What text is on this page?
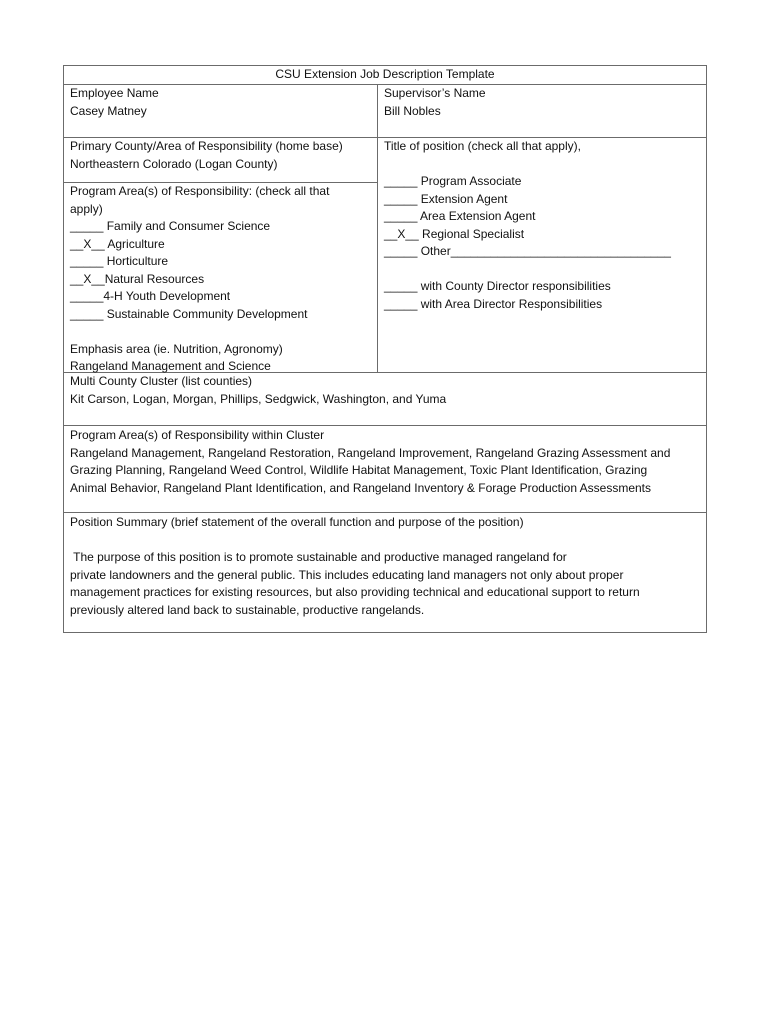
CSU Extension Job Description Template
Employee Name
Casey Matney
Supervisor’s Name
Bill Nobles
Primary County/Area of Responsibility (home base)
Northeastern Colorado (Logan County)
Program Area(s) of Responsibility: (check all that apply)
_____ Family and Consumer Science
__X__ Agriculture
_____ Horticulture
__X__Natural Resources
_____4-H Youth Development
_____ Sustainable Community Development
Emphasis area (ie. Nutrition, Agronomy)
Rangeland Management and Science
Title of position (check all that apply),
_____ Program Associate
_____ Extension Agent
_____ Area Extension Agent
__X__ Regional Specialist
_____ Other_________________________________
_____ with County Director responsibilities
_____ with Area Director Responsibilities
Multi County Cluster (list counties)
Kit Carson, Logan, Morgan, Phillips, Sedgwick, Washington, and Yuma
Program Area(s) of Responsibility within Cluster
Rangeland Management, Rangeland Restoration, Rangeland Improvement, Rangeland Grazing Assessment and
Grazing Planning, Rangeland Weed Control, Wildlife Habitat Management, Toxic Plant Identification, Grazing
Animal Behavior, Rangeland Plant Identification, and Rangeland Inventory & Forage Production Assessments
Position Summary (brief statement of the overall function and purpose of the position)
The purpose of this position is to promote sustainable and productive managed rangeland for
private landowners and the general public. This includes educating land managers not only about proper
management practices for existing resources, but also providing technical and educational support to return
previously altered land back to sustainable, productive rangelands.
